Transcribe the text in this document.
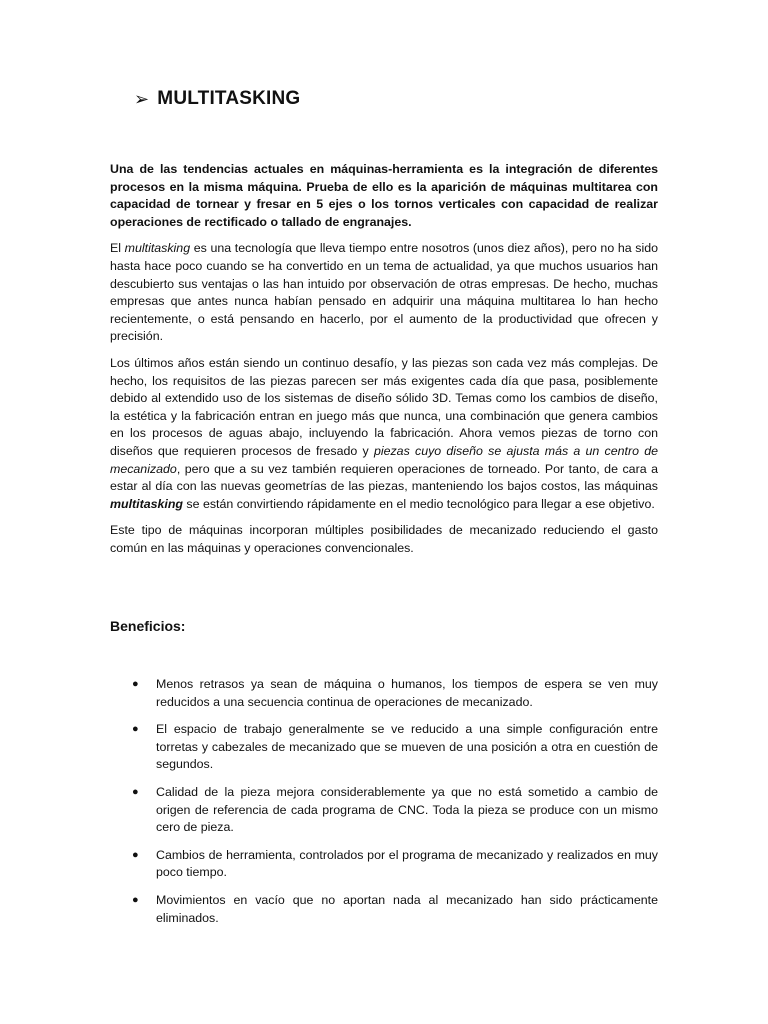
➢ MULTITASKING

Una de las tendencias actuales en máquinas-herramienta es la integración de diferentes procesos en la misma máquina. Prueba de ello es la aparición de máquinas multitarea con capacidad de tornear y fresar en 5 ejes o los tornos verticales con capacidad de realizar operaciones de rectificado o tallado de engranajes.

El multitasking es una tecnología que lleva tiempo entre nosotros (unos diez años), pero no ha sido hasta hace poco cuando se ha convertido en un tema de actualidad, ya que muchos usuarios han descubierto sus ventajas o las han intuido por observación de otras empresas. De hecho, muchas empresas que antes nunca habían pensado en adquirir una máquina multitarea lo han hecho recientemente, o está pensando en hacerlo, por el aumento de la productividad que ofrecen y precisión.

Los últimos años están siendo un continuo desafío, y las piezas son cada vez más complejas. De hecho, los requisitos de las piezas parecen ser más exigentes cada día que pasa, posiblemente debido al extendido uso de los sistemas de diseño sólido 3D. Temas como los cambios de diseño, la estética y la fabricación entran en juego más que nunca, una combinación que genera cambios en los procesos de aguas abajo, incluyendo la fabricación. Ahora vemos piezas de torno con diseños que requieren procesos de fresado y piezas cuyo diseño se ajusta más a un centro de mecanizado, pero que a su vez también requieren operaciones de torneado. Por tanto, de cara a estar al día con las nuevas geometrías de las piezas, manteniendo los bajos costos, las máquinas multitasking se están convirtiendo rápidamente en el medio tecnológico para llegar a ese objetivo.

Este tipo de máquinas incorporan múltiples posibilidades de mecanizado reduciendo el gasto común en las máquinas y operaciones convencionales.

Beneficios:
● Menos retrasos ya sean de máquina o humanos, los tiempos de espera se ven muy reducidos a una secuencia continua de operaciones de mecanizado.
● El espacio de trabajo generalmente se ve reducido a una simple configuración entre torretas y cabezales de mecanizado que se mueven de una posición a otra en cuestión de segundos.
● Calidad de la pieza mejora considerablemente ya que no está sometido a cambio de origen de referencia de cada programa de CNC. Toda la pieza se produce con un mismo cero de pieza.
● Cambios de herramienta, controlados por el programa de mecanizado y realizados en muy poco tiempo.
● Movimientos en vacío que no aportan nada al mecanizado han sido prácticamente eliminados.
